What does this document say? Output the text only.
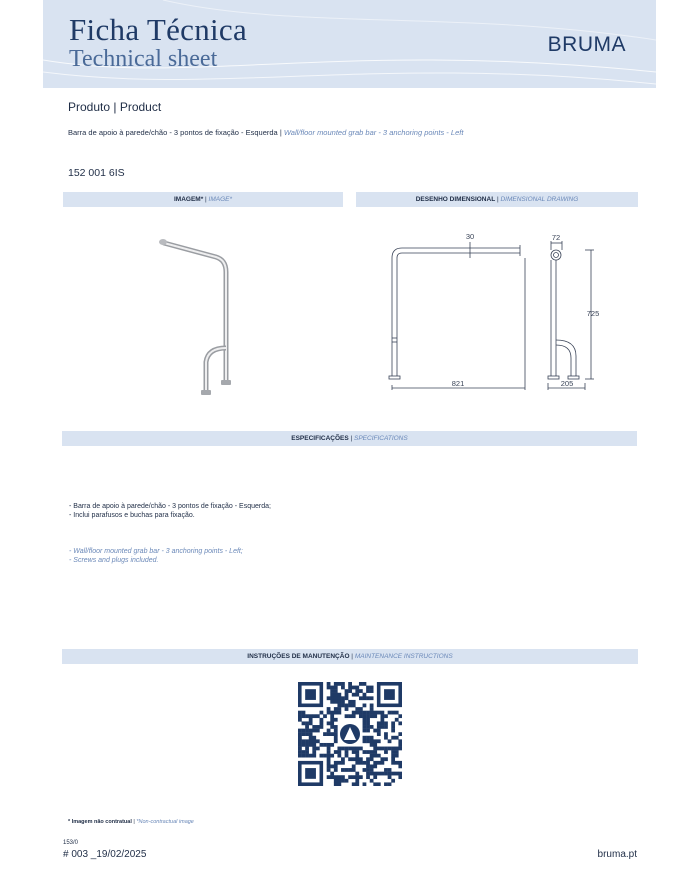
Ficha Técnica
Technical sheet
BRUMA
Produto | Product
Barra de apoio à parede/chão - 3 pontos de fixação - Esquerda | Wall/floor mounted grab bar - 3 anchoring points - Left
152 001 6IS
IMAGEM* | IMAGE*	DESENHO DIMENSIONAL | DIMENSIONAL DRAWING
30
821
72
725
205
ESPECIFICAÇÕES | SPECIFICATIONS
- Barra de apoio à parede/chão - 3 pontos de fixação - Esquerda;
- Inclui parafusos e buchas para fixação.
- Wall/floor mounted grab bar - 3 anchoring points - Left;
- Screws and plugs included.
INSTRUÇÕES DE MANUTENÇÃO | MAINTENANCE INSTRUCTIONS
* Imagem não contratual | *Non-contractual image
153/0
# 003 _19/02/2025	bruma.pt
